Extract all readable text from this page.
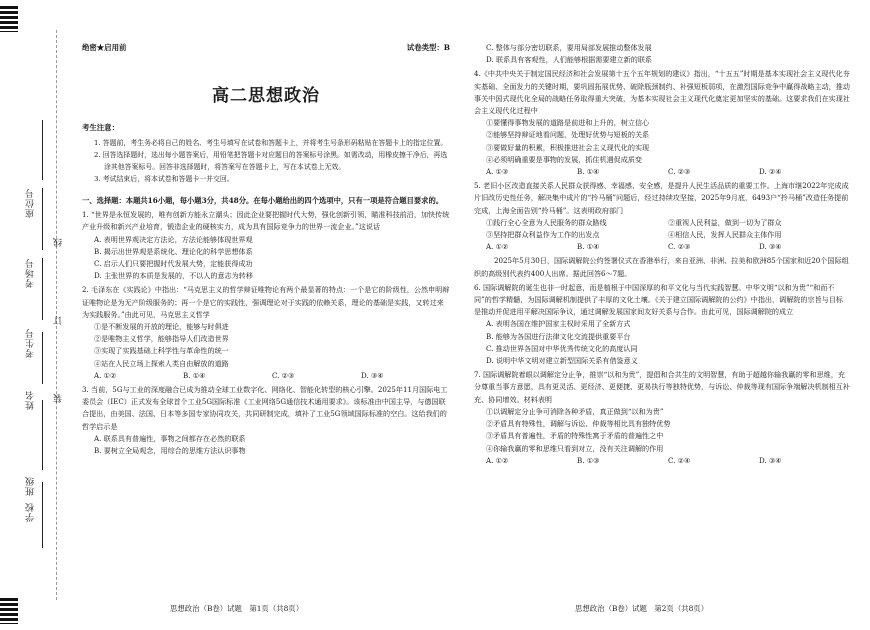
座位号
考场号
考生号
姓名
班级
学校
线
订
装
绝密★启用前	试卷类型：B
高二思想政治
考生注意：
1. 答题前，考生务必将自己的姓名、考生号填写在试卷和答题卡上，并将考生号条形码粘贴在答题卡上的指定位置。
2. 回答选择题时，选出每小题答案后，用铅笔把答题卡对应题目的答案标号涂黑。如需改动，用橡皮擦干净后，再选涂其他答案标号。回答非选择题时，将答案写在答题卡上，写在本试卷上无效。
3. 考试结束后，将本试卷和答题卡一并交回。
一、选择题：本题共16小题，每小题3分，共48分。在每小题给出的四个选项中，只有一项是符合题目要求的。
1. “世界是永恒发展的，唯有创新方能永立潮头；因此企业要把握时代大势，强化创新引领，瞄准科技前沿，加快传统产业升级和新兴产业培育，锻造企业的硬核实力，成为具有国际竞争力的世界一流企业。”这说话
A. 表明世界观决定方法论，方法论能够体现世界观
B. 揭示出世界观是系统化、理论化的科学思想体系
C. 启示人们只要把握时代发展大势，定能获得成功
D. 主张世界的本质是发展的，不以人的意志为转移
2. 毛泽东在《实践论》中指出：“马克思主义的哲学辩证唯物论有两个最显著的特点：一个是它的阶级性，公然申明辩证唯物论是为无产阶级服务的；再一个是它的实践性，强调理论对于实践的依赖关系，理论的基础是实践，又转过来为实践服务。”由此可见，马克思主义哲学
①是不断发展的开放的理论，能够与时俱进
②是唯物主义哲学，能够指导人们改造世界
③实现了实践基础上科学性与革命性的统一
④站在人民立场上探索人类自由解放的道路
A. ①②	B. ①④	C. ②③	D. ③④
3. 当前，5G与工业的深度融合已成为推动全球工业数字化、网络化、智能化转型的核心引擎。2025年11月国际电工委员会（IEC）正式发布全球首个工业5G国际标准《工业网络5G通信技术通用要求》。该标准由中国主导，与德国联合提出，由美国、法国、日本等多国专家协同攻关，共同研制完成，填补了工业5G领域国际标准的空白。这给我们的哲学启示是
A. 联系具有普遍性，事物之间都存在必然的联系
B. 要树立全局观念，用综合的思维方法认识事物
思想政治（B卷）试题　第1页（共8页）
C. 整体与部分密切联系，要用局部发展推动整体发展
D. 联系具有客观性，人们能够根据需要建立新的联系
4.《中共中央关于制定国民经济和社会发展第十五个五年规划的建议》指出，“十五五”时期是基本实现社会主义现代化夯实基础、全面发力的关键时期，要巩固拓展优势、破除瓶颈制约、补强短板弱项，在激烈国际竞争中赢得战略主动，推动事关中国式现代化全局的战略任务取得重大突破，为基本实现社会主义现代化奠定更加坚实的基础。这要求我们在实现社会主义现代化过程中
①要懂得事物发展的道路是前进和上升的，树立信心
②能够坚持辩证地看问题，处理好优势与短板的关系
③要做好量的积累，积极推进社会主义现代化的实现
④必须明确重要是事物的发展，抓住机遇促成质变
A. ①③	B. ①④	C. ②③	D. ②④
5. 老旧小区改造直接关系人民群众获得感、幸福感、安全感，是提升人民生活品质的重要工作。上海市继2022年完成成片旧改历史性任务，解决集中成片的“拎马桶”问题后，经过持续攻坚接，2025年9月底，6493户“拎马桶”改造任务提前完成，上海全面告别“拎马桶”。这表明政府部门
①践行全心全意为人民服务的群众路线	②重视人民利益，做到一切为了群众
③坚持把群众利益作为工作的出发点	④相信人民，发挥人民群众主体作用
A. ①②	B. ①④	C. ②③	D. ③④
2025年5月30日，国际调解院公约签署仪式在香港举行，来自亚洲、非洲、拉美和欧洲85个国家和近20个国际组织的高级别代表约400人出席。据此回答6～7题。
6. 国际调解院的诞生也非一时起意，而是植根于中国深厚的和平文化与当代实践智慧。中华文明“以和为贵”“和而不同”的哲学精髓，为国际调解机制提供了丰厚的文化土壤。《关于建立国际调解院的公约》中指出，调解院的宗旨与目标是推动并促进用平解决国际争议，通过调解发展国家间友好关系与合作。由此可见，国际调解院的成立
A. 表明各国在维护国家主权时采用了全新方式
B. 能够为各国进行法律文化交流提供重要平台
C. 推动世界各国对中华优秀传统文化的高度认同
D. 说明中华文明对建立新型国际关系有借鉴意义
7. 国际调解院着眼以调解定分止争，推崇“以和为贵”，提倡和合共生的文明智慧，有助于超越你输我赢的零和思维，充分尊重当事方意愿，具有更灵活、更经济、更便捷、更易执行等独特优势，与诉讼、仲裁等现有国际争端解决机制相互补充、协同增效。材料表明
①以调解定分止争可消除各种矛盾，真正做到“以和为贵”
②矛盾具有特殊性，调解与诉讼、仲裁等相比具有独特优势
③矛盾具有普遍性，矛盾的特殊性寓于矛盾的普遍性之中
④你输我赢的零和思维只看到对立，没有关注调解的作用
A. ①②	B. ①③	C. ②④	D. ③④
思想政治（B卷）试题　第2页（共8页）
